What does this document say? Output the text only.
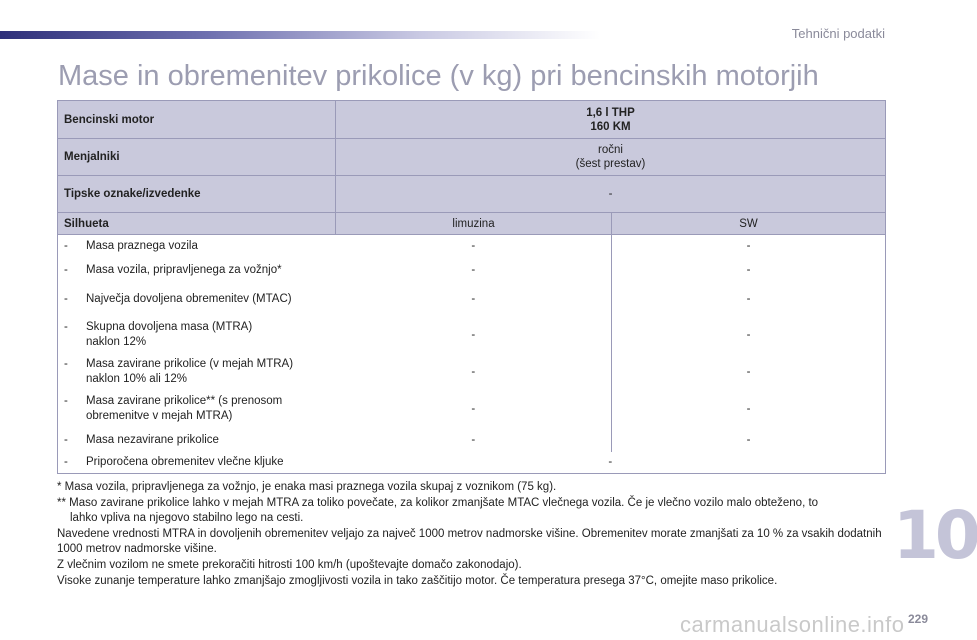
Tehnični podatki
Mase in obremenitev prikolice (v kg) pri bencinskih motorjih
Bencinski motor	1,6 l THP
160 KM	

Menjalniki	ročni
(šest prestav)	

Tipske oznake/izvedenke	-	
Silhueta	limuzina	SW

- Masa praznega vozila	-	-

- Masa vozila, pripravljenega za vožnjo*	-	-

- Največja dovoljena obremenitev (MTAC)	-	-

- Skupna dovoljena masa (MTRA)
naklon 12%	-	-

- Masa zavirane prikolice (v mejah MTRA)
naklon 10% ali 12%	-	-

- Masa zavirane prikolice** (s prenosom
obremenitve v mejah MTRA)	-	-

- Masa nezavirane prikolice	-	-

- Priporočena obremenitev vlečne kljuke	-	

* Masa vozila, pripravljenega za vožnjo, je enaka masi praznega vozila skupaj z voznikom (75 kg).

** Maso zavirane prikolice lahko v mejah MTRA za toliko povečate, za kolikor zmanjšate MTAC vlečnega vozila. Če je vlečno vozilo malo obteženo, to

lahko vpliva na njegovo stabilno lego na cesti.

Navedene vrednosti MTRA in dovoljenih obremenitev veljajo za največ 1000 metrov nadmorske višine. Obremenitev morate zmanjšati za 10 % za vsakih dodatnih 1000 metrov nadmorske višine.

Z vlečnim vozilom ne smete prekoračiti hitrosti 100 km/h (upoštevajte domačo zakonodajo).

Visoke zunanje temperature lahko zmanjšajo zmogljivosti vozila in tako zaščitijo motor. Če temperatura presega 37°C, omejite maso prikolice.

10
229
carmanualsonline.info
